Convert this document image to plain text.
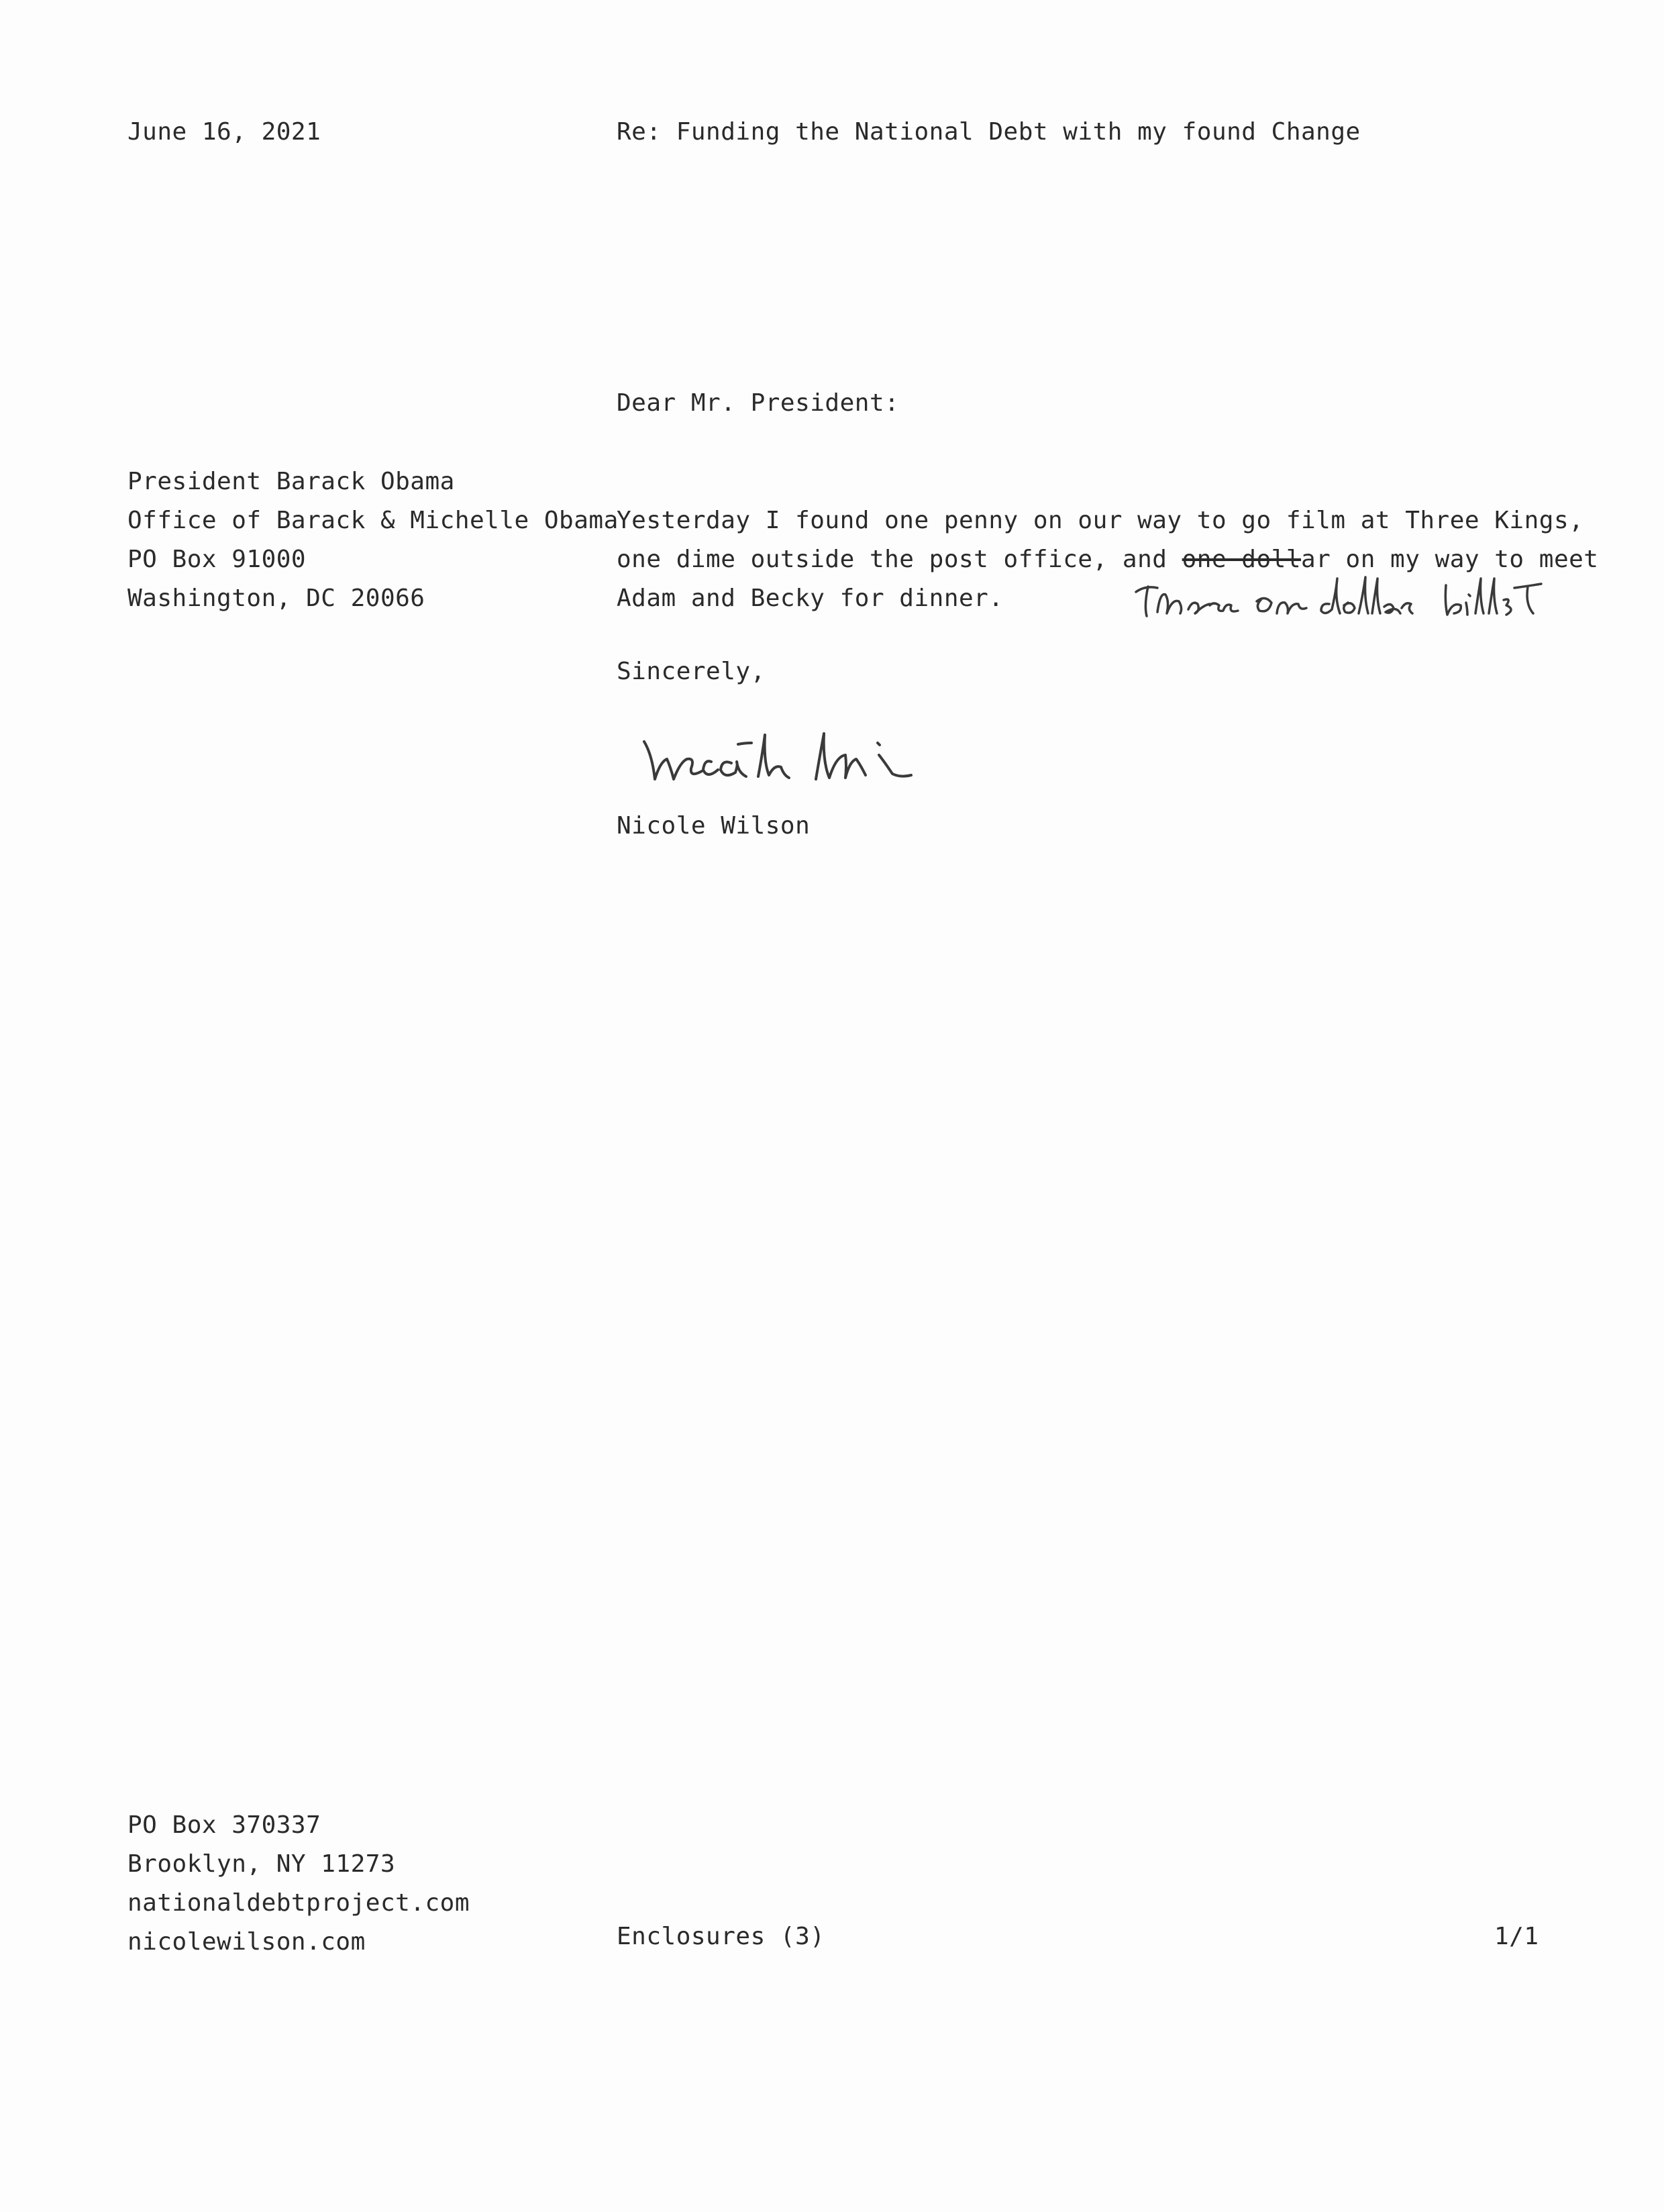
June 16, 2021	Re: Funding the National Debt with my found Change
Dear Mr. President:
President Barack Obama
Office of Barack & Michelle Obama
PO Box 91000
Washington, DC 20066
Yesterday I found one penny on our way to go film at Three Kings,
one dime outside the post office, and one dollar on my way to meet
Adam and Becky for dinner.
Sincerely,
Nicole Wilson
PO Box 370337
Brooklyn, NY 11273
nationaldebtproject.com
nicolewilson.com	Enclosures (3)	1/1
